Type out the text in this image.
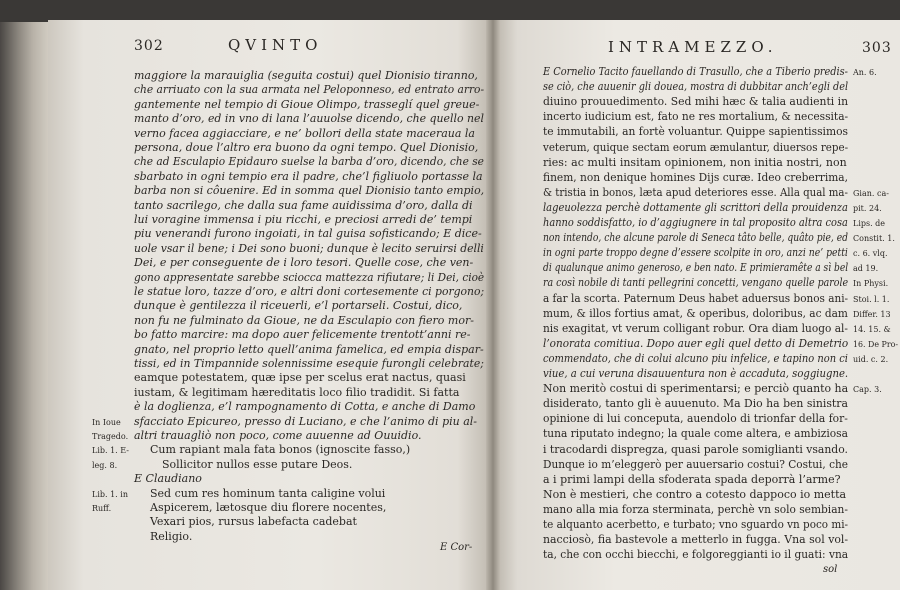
302	QVINTO	303
INTRAMEZZO.
maggiore la marauiglia (seguita costui) quel Dionisio tiranno,
che arriuato con la sua armata nel Peloponneso, ed entrato arro-
gantemente nel tempio di Gioue Olimpo, trasseglí quel greue-
manto d’oro, ed in vno di lana l’auuolse dicendo, che quello nel
verno facea aggiacciare, e ne’ bollori della state maceraua la
persona, doue l’altro era buono da ogni tempo. Quel Dionisio,
che ad Esculapio Epidauro suelse la barba d’oro, dicendo, che se
sbarbato in ogni tempio era il padre, che’l figliuolo portasse la
barba non si côuenire. Ed in somma quel Dionisio tanto empio,
tanto sacrilego, che dalla sua fame auidissima d’oro, dalla di
lui voragine immensa i piu ricchi, e preciosi arredi de’ tempi
piu venerandi furono ingoiati, in tal guisa sofisticando; E dice-
uole vsar il bene; i Dei sono buoni; dunque è lecito seruirsi delli
Dei, e per conseguente de i loro tesori. Quelle cose, che ven-
gono appresentate sarebbe sciocca mattezza rifiutare; li Dei, cioè
le statue loro, tazze d’oro, e altri doni cortesemente ci porgono;
dunque è gentilezza il riceuerli, e’l portarseli. Costui, dico,
non fu ne fulminato da Gioue, ne da Esculapio con fiero mor-
bo fatto marcire: ma dopo auer felicemente trentott’anni re-
gnato, nel proprio letto quell’anima famelica, ed empia dispar-
tissi, ed in Timpannide solennissime esequie furongli celebrate;
eamque potestatem, quæ ipse per scelus erat nactus, quasi
iustam, & legitimam hæreditatis loco filio tradidit. Si fatta
è la doglienza, e’l rampognamento di Cotta, e anche di Damo
sfacciato Epicureo, presso di Luciano, e che l’animo di piu al-
altri trauagliò non poco, come auuenne ad Ouuidio.
Cum rapiant mala fata bonos (ignoscite fasso,)
Sollicitor nullos esse putare Deos.
E Claudiano
Sed cum res hominum tanta caligine volui
Aspicerem, lætosque diu florere nocentes,
Vexari pios, rursus labefacta cadebat
Religio.
E Cornelio Tacito fauellando di Trasullo, che a Tiberio predis-
se ciò, che auuenir gli douea, mostra di dubbitar anch’egli del
diuino prouuedimento. Sed mihi hæc & talia audienti in
incerto iudicium est, fato ne res mortalium, & necessita-
te immutabili, an fortè voluantur. Quippe sapientissimos
veterum, quique sectam eorum æmulantur, diuersos repe-
ries: ac multi insitam opinionem, non initia nostri, non
finem, non denique homines Dijs curæ. Ideo creberrima,
& tristia in bonos, læta apud deteriores esse. Alla qual ma-
lageuolezza perchè dottamente gli scrittori della prouidenza
hanno soddisfatto, io d’aggiugnere in tal proposito altra cosa
non intendo, che alcune parole di Seneca tâto belle, quâto pie, ed
in ogni parte troppo degne d’essere scolpite in oro, anzi ne’ petti
di qualunque animo generoso, e ben nato. E primieramête a sì bel
ra così nobile di tanti pellegrini concetti, vengano quelle parole
a far la scorta. Paternum Deus habet aduersus bonos ani-
mum, & illos fortius amat, & operibus, doloribus, ac dam
nis exagitat, vt verum colligant robur. Ora diam luogo al-
l’onorata comitiua. Dopo auer egli quel detto di Demetrio
commendato, che di colui alcuno piu infelice, e tapino non ci
viue, a cui veruna disauuentura non è accaduta, soggiugne.
Non meritò costui di sperimentarsi; e perciò quanto ha
disiderato, tanto gli è auuenuto. Ma Dio ha ben sinistra
opinione di lui conceputa, auendolo di trionfar della for-
tuna riputato indegno; la quale come altera, e ambiziosa
i tracodardi dispregza, quasi parole somiglianti vsando.
Dunque io m’eleggerò per auuersario costui? Costui, che
a i primi lampi della sfoderata spada deporrà l’arme?
Non è mestieri, che contro a cotesto dappoco io metta
mano alla mia forza sterminata, perchè vn solo sembian-
te alquanto acerbetto, e turbato; vno sguardo vn poco mi-
nacciosò, fia bastevole a metterlo in fugga. Vna sol vol-
ta, che con occhi biecchi, e folgoreggianti io il guati: vna
In Ioue
Tragedo.
Lib. 1. E-
leg. 8.
Lib. 1. in
Ruff.
An. 6.
Gian. ca-
pit. 24.
Lips. de
Constit. 1.
c. 6. vlq.
ad 19.
In Physi.
Stoi. l. 1.
Differ. 13
14. 15. &
16. De Pro-
uid. c. 2.
Cap. 3.
E Cor-
sol
